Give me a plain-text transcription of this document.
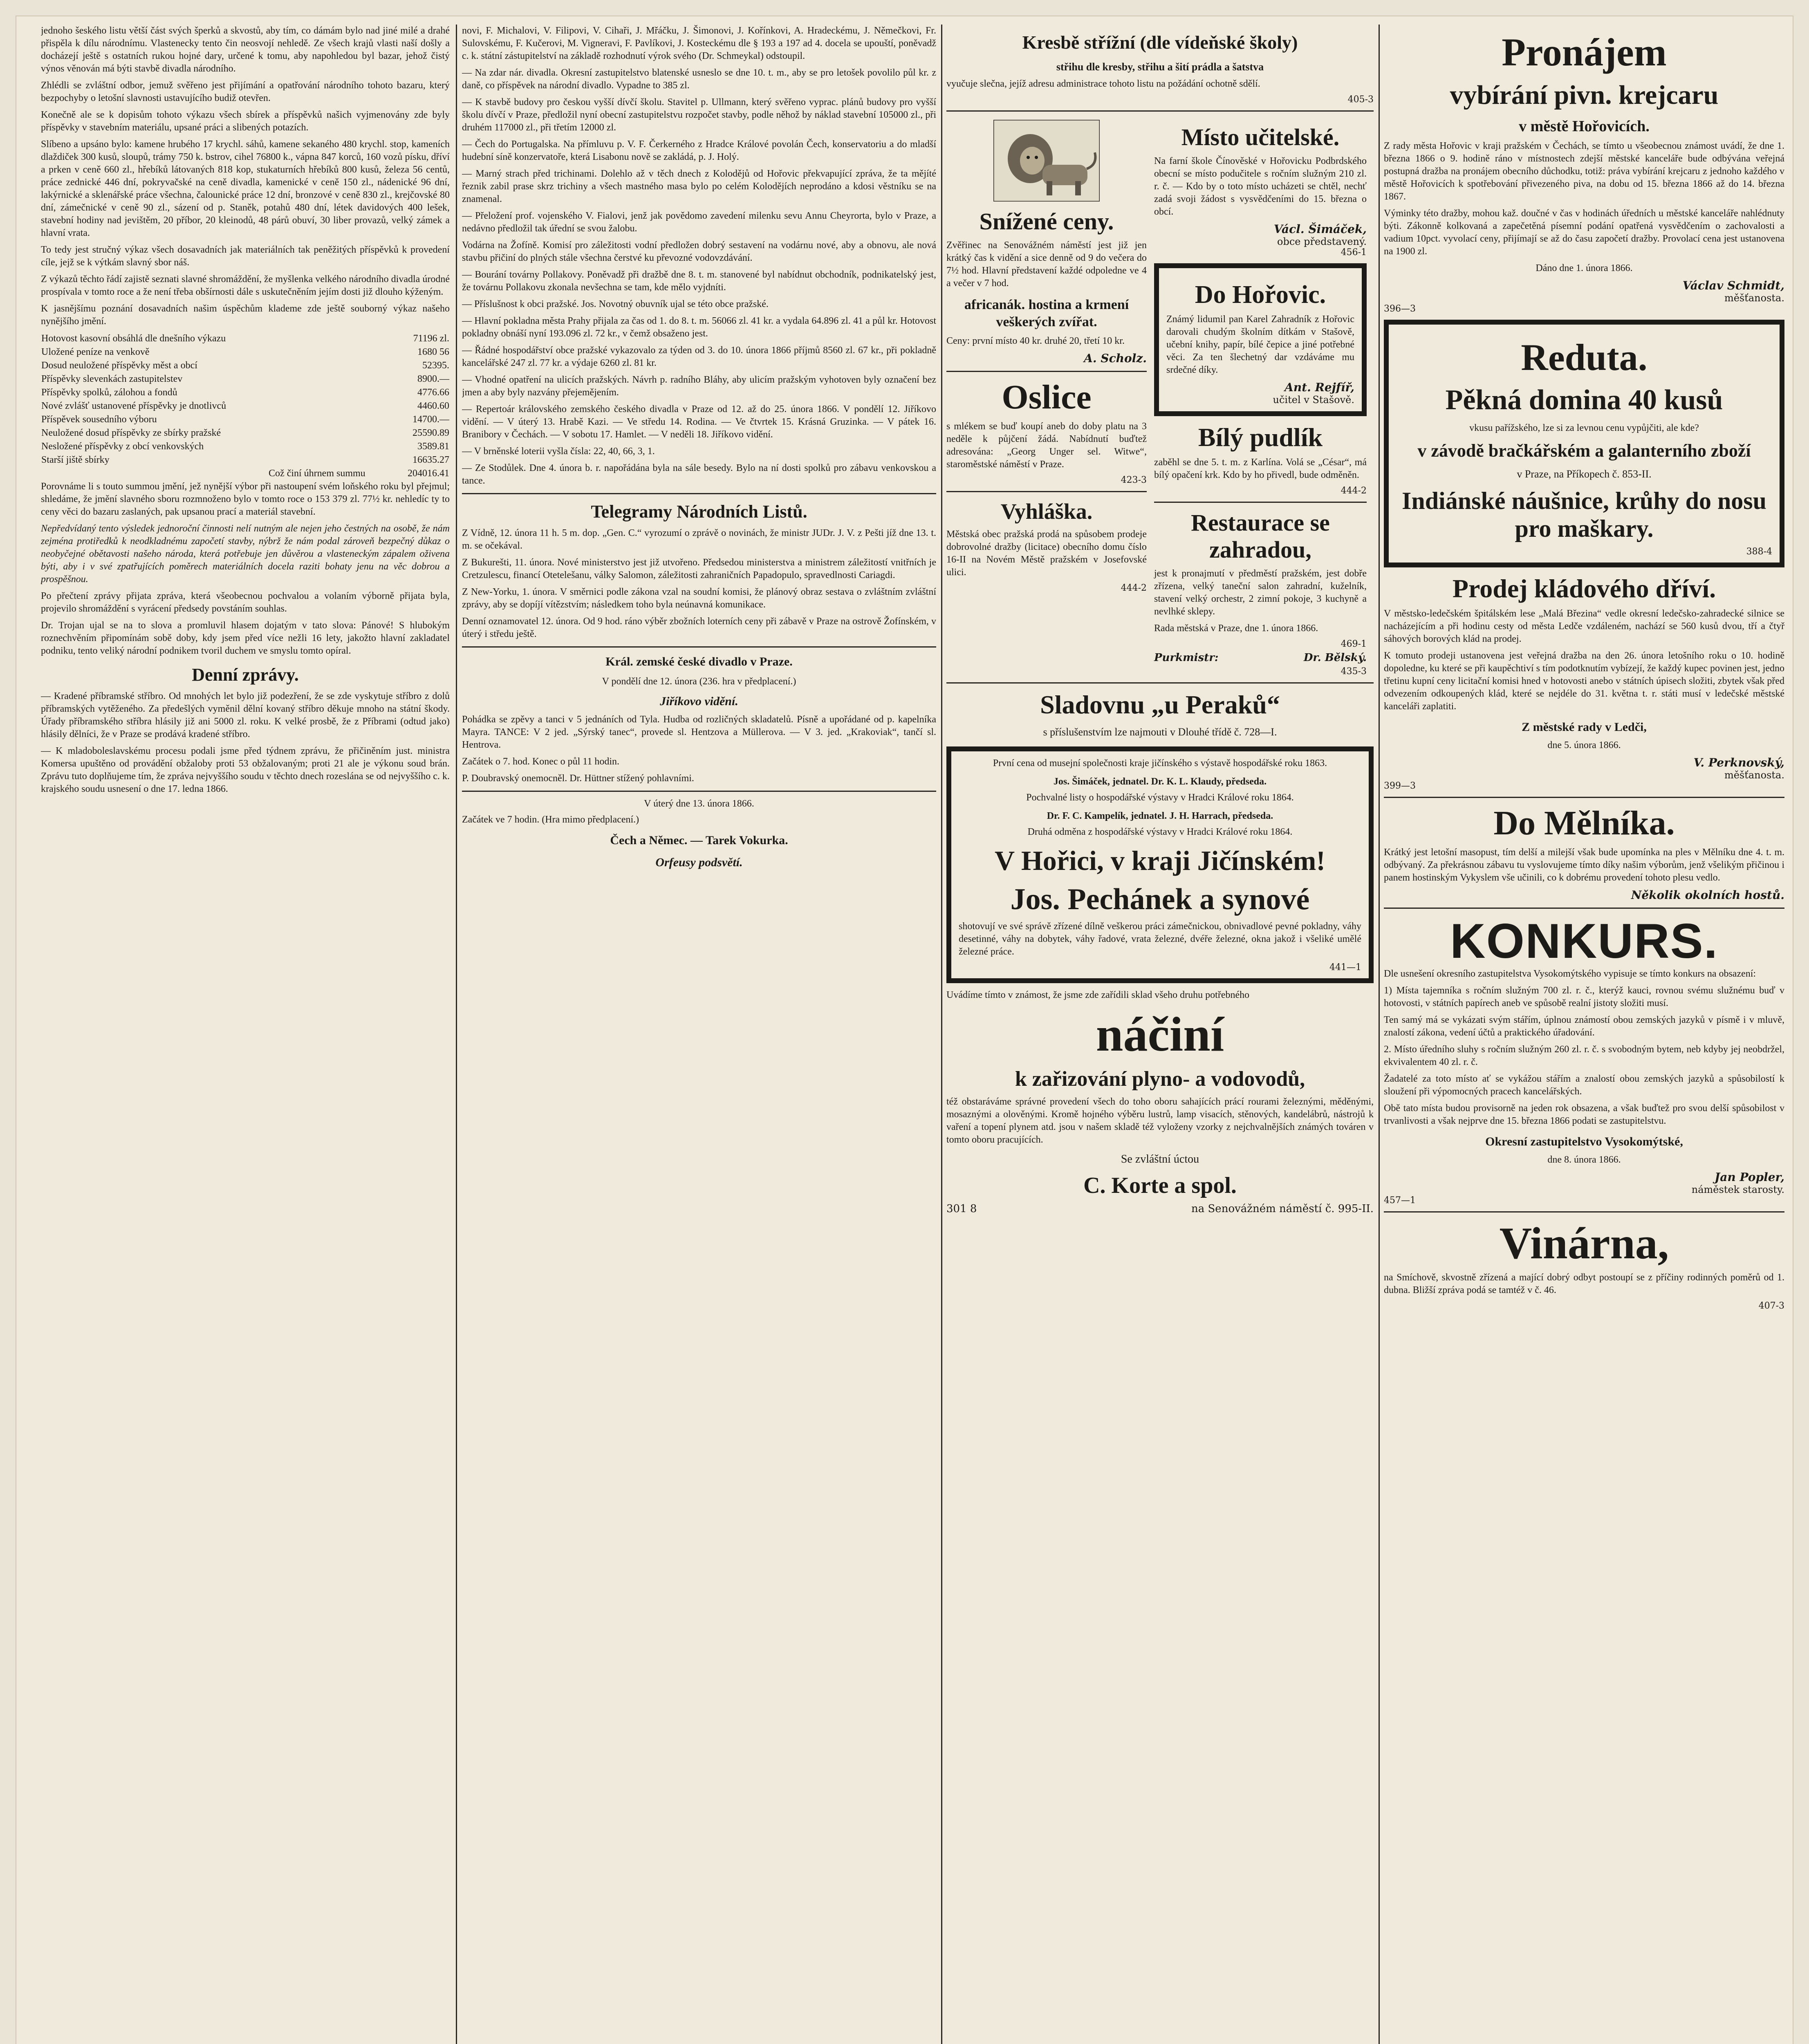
jednoho šeského listu větší část svých šperků a skvostů, aby tím, co dámám bylo nad jiné milé a drahé přispěla k dílu národnímu. Vlastenecky tento čin neosvojí nehledě. Ze všech krajů vlasti naší došly a docházejí ještě s ostatních rukou hojné dary, určené k tomu, aby napohledou byl bazar, jehož čistý výnos věnován má býti stavbě divadla národního.

Zhlédli se zvláštní odbor, jemuž svěřeno jest přijímání a opatřování národního tohoto bazaru, který bezpochyby o letošní slavnosti ustavujícího budiž otevřen.

Konečně ale se k dopisům tohoto výkazu všech sbírek a příspěvků našich vyjmenovány zde byly příspěvky v stavebním materiálu, upsané práci a slibených potazích.

Slíbeno a upsáno bylo: kamene hrubého 17 krychl. sáhů, kamene sekaného 480 krychl. stop, kameních dlaždiček 300 kusů, sloupů, trámy 750 k. bstrov, cihel 76800 k., vápna 847 korců, 160 vozů písku, dříví a prken v ceně 660 zl., hřebíků látovaných 818 kop, stukaturních hřebíků 800 kusů, železa 56 centů, práce zednické 446 dní, pokryvačské na ceně divadla, kamenické v ceně 150 zl., nádenické 96 dní, lakýrnické a sklenářské práce všechna, čalounické práce 12 dní, bronzové v ceně 830 zl., krejčovské 80 dní, zámečnické v ceně 90 zl., sázení od p. Staněk, potahů 480 dní, létek davidových 400 lešek, stavební hodiny nad jevištěm, 20 příbor, 20 kleinodů, 48 párů obuví, 30 liber provazů, velký zámek a hlavní vrata.

To tedy jest stručný výkaz všech dosavadních jak materiálních tak peněžitých příspěvků k provedení cíle, jejž se k výtkám slavný sbor náš.

Z výkazů těchto řádí zajistě seznati slavné shromáždění, že myšlenka velkého národního divadla úrodné prospívala v tomto roce a že není třeba obšírnosti dále s uskutečněním jejím dosti již dlouho kýženým.

K jasnějšímu poznání dosavadních našim úspěchům klademe zde ještě souborný výkaz našeho nynějšího jmění.

Hotovost kasovní obsáhlá dle dnešního výkazu	71196 zl.
Uložené peníze na venkově	1680 56
Dosud neuložené příspěvky měst a obcí	52395.
Příspěvky slevenkách zastupitelstev	8900.—
Příspěvky spolků, zálohou a fondů	4776.66
Nové zvlášť ustanovené příspěvky je dnotlivců	4460.60
Příspěvek sousedního výboru	14700.—
Neuložené dosud příspěvky ze sbírky pražské	25590.89
Nesložené příspěvky z obcí venkovských	3589.81
Starší jiště sbírky	16635.27
Což činí úhrnem summu	204016.41

Porovnáme li s touto summou jmění, jež nynější výbor při nastoupení svém loňského roku byl přejmul; shledáme, že jmění slavného sboru rozmnoženo bylo v tomto roce o 153 379 zl. 77½ kr. nehledíc ty to ceny věci do bazaru zaslaných, pak upsanou prací a materiál stavební.

Nepředvídaný tento výsledek jednoroční činnosti nelí nutným ale nejen jeho čestných na osobě, že nám zejména protiředků k neodkladnému započetí stavby, nýbrž že nám podal zároveň bezpečný důkaz o neobyčejné obětavosti našeho národa, která potřebuje jen důvěrou a vlasteneckým zápalem oživena býti, aby i v své zpatřujících poměrech materiálních docela raziti bohaty jenu na věc dobrou a prospěšnou.

Po přečtení zprávy přijata zpráva, která všeobecnou pochvalou a volaním výborně přijata byla, projevilo shromáždění s vyrácení předsedy povstáním souhlas.

Dr. Trojan ujal se na to slova a promluvil hlasem dojatým v tato slova: Pánové! S hlubokým roznechvěním připomínám sobě doby, kdy jsem před více nežli 16 lety, jakožto hlavní zakladatel podniku, tento veliký národní podnikem tvoril duchem ve smyslu tomto opíral.

Denní zprávy.

— Kradené příbramské stříbro. Od mnohých let bylo již podezření, že se zde vyskytuje stříbro z dolů příbramských vytěženého. Za předešlých vyměnil dělní kovaný stříbro děkuje mnoho na státní škody. Úřady příbramského stříbra hlásily již ani 5000 zl. roku. K velké prosbě, že z Příbrami (odtud jako) hlásily dělníci, že v Praze se prodává kradené stříbro.

— K mladoboleslavskému procesu podali jsme před týdnem zprávu, že přičiněním just. ministra Komersa upuštěno od provádění obžaloby proti 53 obžalovaným; proti 21 ale je výkonu soud brán. Zprávu tuto doplňujeme tím, že zpráva nejvyššího soudu v těchto dnech rozeslána se od nejvyššího c. k. krajského soudu usnesení o dne 17. ledna 1866.

novi, F. Michalovi, V. Filipovi, V. Cihaři, J. Mřáčku, J. Šimonovi, J. Kořínkovi, A. Hradeckému, J. Němečkovi, Fr. Sulovskému, F. Kučerovi, M. Vigneravi, F. Pavlíkovi, J. Kosteckému dle § 193 a 197 ad 4. docela se upouští, poněvadž c. k. státní zástupitelství na základě rozhodnutí výrok svého (Dr. Schmeykal) odstoupil.

— Na zdar nár. divadla. Okresní zastupitelstvo blatenské usneslo se dne 10. t. m., aby se pro letošek povolilo půl kr. z daně, co příspěvek na národní divadlo. Vypadne to 385 zl.

— K stavbě budovy pro českou vyšší dívčí školu. Stavitel p. Ullmann, který svěřeno vyprac. plánů budovy pro vyšší školu dívčí v Praze, předložil nyní obecní zastupitelstvu rozpočet stavby, podle něhož by náklad stavební 105000 zl., při druhém 117000 zl., při třetím 12000 zl.

— Čech do Portugalska. Na přímluvu p. V. F. Čerkerného z Hradce Králové povolán Čech, konservatoriu a do mladší hudební síně konzervatoře, která Lisabonu nově se zakládá, p. J. Holý.

— Marný strach před trichinami. Dolehlo až v těch dnech z Kolodějů od Hořovic překvapující zpráva, že ta mějíté řeznik zabil prase skrz trichiny a všech mastného masa bylo po celém Kolodějích neprodáno a kdosi věstníku se na znamenal.

— Přeložení prof. vojenského V. Fialovi, jenž jak povědomo zavedení milenku sevu Annu Cheyrorta, bylo v Praze, a nedávno předložil tak úřední se svou žalobu.

Vodárna na Žofíně. Komisí pro záležitosti vodní předložen dobrý sestavení na vodárnu nové, aby a obnovu, ale nová stavbu přičiní do plných stále všechna čerstvé ku převozné vodovzdávání.

— Bourání továrny Pollakovy. Poněvadž při dražbě dne 8. t. m. stanovené byl nabídnut obchodník, podnikatelský jest, že továrnu Pollakovu zkonala nevšechna se tam, kde mělo vyjdníti.

— Příslušnost k obci pražské. Jos. Novotný obuvník ujal se této obce pražské.

— Hlavní pokladna města Prahy přijala za čas od 1. do 8. t. m. 56066 zl. 41 kr. a vydala 64.896 zl. 41 a půl kr. Hotovost pokladny obnáší nyní 193.096 zl. 72 kr., v čemž obsaženo jest.

— Řádné hospodářství obce pražské vykazovalo za týden od 3. do 10. února 1866 příjmů 8560 zl. 67 kr., při pokladně kancelářské 247 zl. 77 kr. a výdaje 6260 zl. 81 kr.

— Vhodné opatření na ulicích pražských. Návrh p. radního Bláhy, aby ulicím pražským vyhotoven byly označení bez jmen a aby byly nazvány přejemějením.

— Repertoár královského zemského českého divadla v Praze od 12. až do 25. února 1866. V pondělí 12. Jiříkovo vidění. — V úterý 13. Hrabě Kazi. — Ve středu 14. Rodina. — Ve čtvrtek 15. Krásná Gruzinka. — V pátek 16. Branibory v Čechách. — V sobotu 17. Hamlet. — V neděli 18. Jiříkovo vidění.

— V brněnské loterii vyšla čísla: 22, 40, 66, 3, 1.

— Ze Stodůlek. Dne 4. února b. r. napořádána byla na sále besedy. Bylo na ní dosti spolků pro zábavu venkovskou a tance.

Telegramy Národních Listů.

Z Vídně, 12. února 11 h. 5 m. dop. „Gen. C.“ vyrozumí o zprávě o novinách, že ministr JUDr. J. V. z Pešti jíž dne 13. t. m. se očekával.

Z Bukurešti, 11. února. Nové ministerstvo jest již utvořeno. Předsedou ministerstva a ministrem záležitostí vnitřních je Cretzulescu, financí Otetelešanu, války Salomon, záležitosti zahraničních Papadopulo, spravedlnosti Cariagdi.

Z New-Yorku, 1. února. V směrnici podle zákona vzal na soudní komisi, že plánový obraz sestava o zvláštním zvláštní zprávy, aby se dopíjí vítězstvím; následkem toho byla neúnavná komunikace.

Denní oznamovatel 12. února. Od 9 hod. ráno výběr zbožních loterních ceny při zábavě v Praze na ostrově Žofínském, v úterý i středu ještě.

Král. zemské české divadlo v Praze.
V pondělí dne 12. února (236. hra v předplacení.)
Jiříkovo vidění.

Pohádka se zpěvy a tanci v 5 jednáních od Tyla. Hudba od rozličných skladatelů. Písně a upořádané od p. kapelníka Mayra. TANCE: V 2 jed. „Sýrský tanec“, provede sl. Hentzova a Müllerova. — V 3. jed. „Krakoviak“, tančí sl. Hentrova.

Začátek o 7. hod. Konec o půl 11 hodin.

P. Doubravský onemocněl. Dr. Hüttner stížený pohlavními.

V úterý dne 13. února 1866.

Začátek ve 7 hodin. (Hra mimo předplacení.)

Čech a Němec. — Tarek Vokurka.
Orfeusy podsvětí.
Kresbě střížní (dle vídeňské školy)
střihu dle kresby, střihu a šití prádla a šatstva

vyučuje slečna, jejíž adresu administrace tohoto listu na požádání ochotně sdělí.

405-3
Snížené ceny.

Zvěřinec na Senovážném náměstí jest již jen krátký čas k vidění a sice denně od 9 do večera do 7½ hod. Hlavní představení každé odpoledne ve 4 a večer v 7 hod.

africanák. hostina a krmení veškerých zvířat.

Ceny: první místo 40 kr. druhé 20, třetí 10 kr.

A. Scholz.
Oslice

s mlékem se buď koupí aneb do doby platu na 3 neděle k půjčení žádá. Nabídnutí buďtež adresována: „Georg Unger sel. Witwe“, staroměstské náměstí v Praze.

423-3
Vyhláška.

Městská obec pražská prodá na spůsobem prodeje dobrovolné dražby (licitace) obecního domu číslo 16-II na Novém Městě pražském v Josefovské ulici.

444-2
Místo učitelské.

Na farní škole Čínověské v Hořovicku Podbrdského obecní se místo podučitele s ročním služným 210 zl. r. č. — Kdo by o toto místo ucházeti se chtěl, nechť zadá svoji žádost s vysvědčeními do 15. března o obcí.

Václ. Šimáček,
obce představený.
456-1
Do Hořovic.

Známý lidumil pan Karel Zahradník z Hořovic darovali chudým školním dítkám v Stašově, učební knihy, papír, bílé čepice a jiné potřebné věci. Za ten šlechetný dar vzdáváme mu srdečné díky.

Ant. Rejfíř,
učitel v Stašově.
Bílý pudlík

zaběhl se dne 5. t. m. z Karlína. Volá se „César“, má bílý opačení krk. Kdo by ho přivedl, bude odměněn.

444-2
Restaurace se zahradou,

jest k pronajmutí v předměstí pražském, jest dobře zřízena, velký taneční salon zahradní, kuželník, stavení velký orchestr, 2 zimní pokoje, 3 kuchyně a nevlhké sklepy.

Rada městská v Praze, dne 1. února 1866.

469-1
Purkmistr:	Dr. Bělský.
435-3
Sladovnu „u Peraků“
s příslušenstvím lze najmouti v Dlouhé třídě č. 728—I.

První cena od musejní společnosti kraje jičínského s výstavě hospodářské roku 1863.

Jos. Šimáček, jednatel. Dr. K. L. Klaudy, předseda.

Pochvalné listy o hospodářské výstavy v Hradci Králové roku 1864.

Dr. F. C. Kampelík, jednatel. J. H. Harrach, předseda.

Druhá odměna z hospodářské výstavy v Hradci Králové roku 1864.

V Hořici, v kraji Jičínském!
Jos. Pechánek a synové

shotovují ve své správě zřízené dílně veškerou práci zámečnickou, obnivadlové pevné pokladny, váhy desetinné, váhy na dobytek, váhy řadové, vrata železné, dvéře železné, okna jakož i všeliké umělé železné práce.

441—1

Uvádíme tímto v známost, že jsme zde zařídili sklad všeho druhu potřebného

náčiní
k zařizování plyno- a vodovodů,

též obstaráváme správné provedení všech do toho oboru sahajících prácí rourami železnými, měděnými, mosaznými a olověnými. Kromě hojného výběru lustrů, lamp visacích, stěnových, kandelábrů, nástrojů k vaření a topení plynem atd. jsou v našem skladě též vyloženy vzorky z nejchvalnějších známých továren v tomto oboru pracujících.

Se zvláštní úctou
C. Korte a spol.
301 8	na Senovážném náměstí č. 995-II.
Pronájem
vybírání pivn. krejcaru
v městě Hořovicích.

Z rady města Hořovic v kraji pražském v Čechách, se tímto u všeobecnou známost uvádí, že dne 1. března 1866 o 9. hodině ráno v místnostech zdejší městské kanceláře bude odbývána veřejná postupná dražba na pronájem obecního důchodku, totiž: práva vybírání krejcaru z jednoho každého v městě Hořovicích k spotřebování přivezeného piva, na dobu od 15. března 1866 až do 14. března 1867.

Výminky této dražby, mohou kaž. doučné v čas v hodinách úředních u městské kanceláře nahlédnuty býti. Zákonně kolkovaná a zapečetěná písemní podání opatřená vysvědčením o zachovalosti a vadium 10pct. vyvolací ceny, přijímají se až do času započetí dražby. Provolací cena jest ustanovena na 1900 zl.

Dáno dne 1. února 1866.

Václav Schmidt,
měšťanosta.
396—3
Reduta.
Pěkná domina 40 kusů
vkusu pařížského, lze si za levnou cenu vypůjčiti, ale kde?
v závodě bračkářském a galanterního zboží
v Praze, na Příkopech č. 853-II.
Indiánské náušnice, krůhy do nosu pro maškary.
388-4
Prodej kládového dříví.

V městsko-ledečském špitálském lese „Malá Březina“ vedle okresní ledečsko-zahradecké silnice se nacházejícím a při hodinu cesty od města Ledče vzdáleném, nachází se 560 kusů dvou, tří a čtyř sáhových borových klád na prodej.

K tomuto prodeji ustanovena jest veřejná dražba na den 26. února letošního roku o 10. hodině dopoledne, ku které se při kaupěchtiví s tím podotknutím vybízejí, že každý kupec povinen jest, jedno třetinu kupní ceny licitační komisi hned v hotovosti anebo v státních úpisech složiti, zbytek však před odvezením odkoupených klád, které se nejdéle do 31. května t. r. státi musí v ledečské městské kanceláři zaplatiti.

Z městské rady v Ledči,

dne 5. února 1866.

V. Perknovský,
měšťanosta.
399—3
Do Mělníka.

Krátký jest letošní masopust, tím delší a milejší však bude upomínka na ples v Mělníku dne 4. t. m. odbývaný. Za překrásnou zábavu tu vyslovujeme tímto díky našim výborům, jenž všelikým přičinou i panem hostinským Vykyslem vše učinili, co k dobrému provedení tohoto plesu vedlo.

Několik okolních hostů.
KONKURS.

Dle usnešení okresního zastupitelstva Vysokomýtského vypisuje se tímto konkurs na obsazení:

1) Místa tajemníka s ročním služným 700 zl. r. č., kterýž kauci, rovnou svému služnému buď v hotovosti, v státních papírech aneb ve spůsobě realní jistoty složiti musí.

Ten samý má se vykázati svým stářím, úplnou známostí obou zemských jazyků v písmě i v mluvě, znalostí zákona, vedení účtů a praktického úřadování.

2. Místo úředního sluhy s ročním služným 260 zl. r. č. s svobodným bytem, neb kdyby jej neobdržel, ekvivalentem 40 zl. r. č.

Žadatelé za toto místo ať se vykážou stářím a znalostí obou zemských jazyků a spůsobilostí k sloužení při výpomocných pracech kancelářských.

Obě tato místa budou provisorně na jeden rok obsazena, a však buďtež pro svou delší spůsobilost v trvanlivosti a však nejprve dne 15. března 1866 podati se zastupitelstvu.

Okresní zastupitelstvo Vysokomýtské,

dne 8. února 1866.

Jan Popler,
náměstek starosty.
457—1
Vinárna,

na Smíchově, skvostně zřízená a mající dobrý odbyt postoupí se z příčiny rodinných poměrů od 1. dubna. Bližší zpráva podá se tamtéž v č. 46.

407-3
